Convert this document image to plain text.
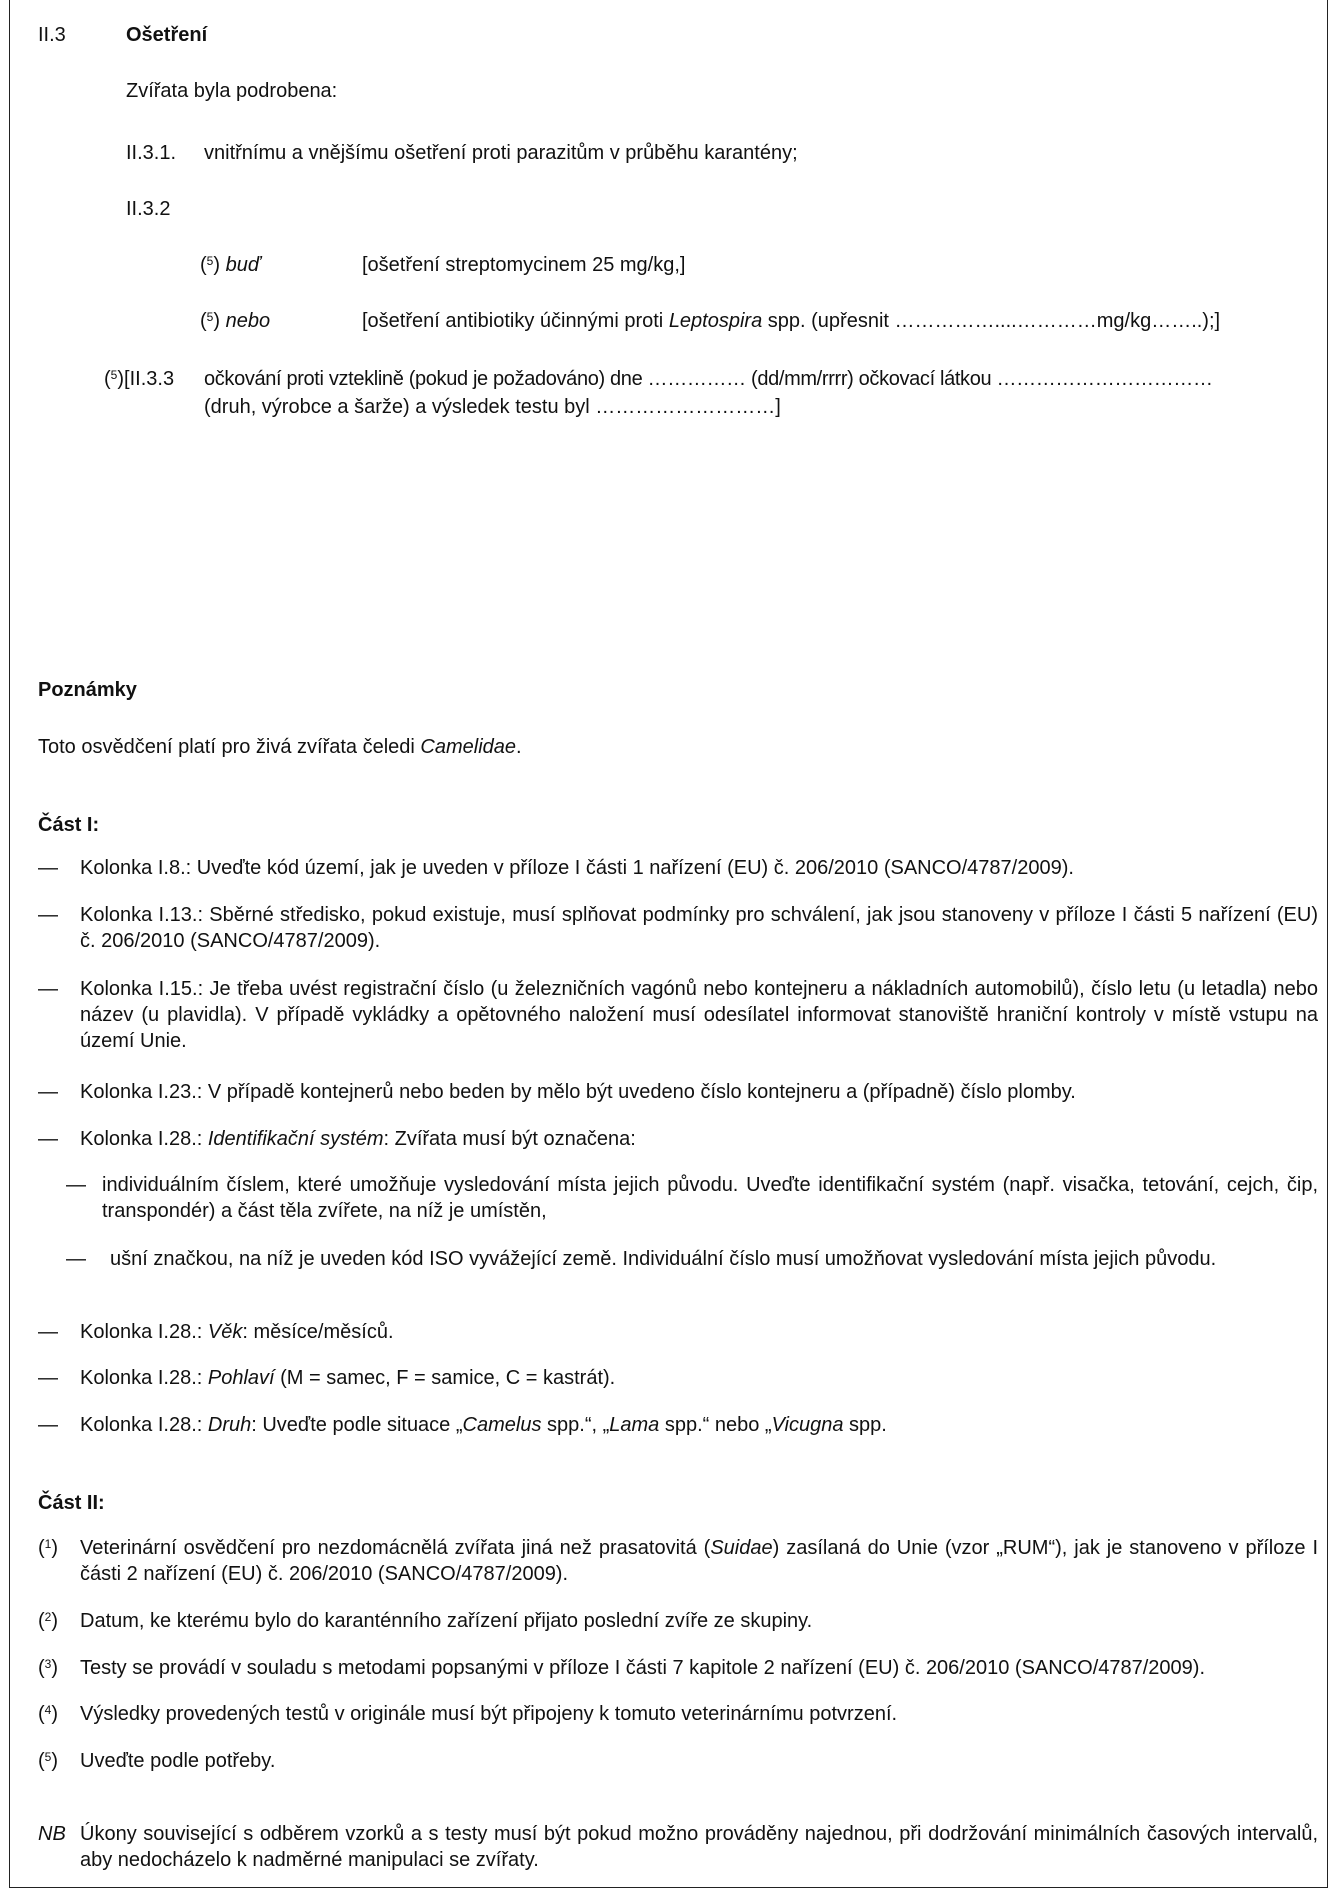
II.3	Ošetření
Zvířata byla podrobena:
II.3.1. vnitřnímu a vnějšímu ošetření proti parazitům v průběhu karantény;
II.3.2
($^5$) buď	[ošetření streptomycinem 25 mg/kg,]
($^5$) nebo	[ošetření antibiotiky účinnými proti Leptospira spp. (upřesnit ……………....…………mg/kg……..);]
($^5$)[II.3.3 očkování proti vzteklině (pokud je požadováno) dne …………… (dd/mm/rrrr) očkovací látkou ……………………………
(druh, výrobce a šarže) a výsledek testu byl ………………………]
Poznámky
Toto osvědčení platí pro živá zvířata čeledi Camelidae.
Část I:
—	Kolonka I.8.: Uveďte kód území, jak je uveden v příloze I části 1 nařízení (EU) č. 206/2010 (SANCO/4787/2009).
—	Kolonka I.13.: Sběrné středisko, pokud existuje, musí splňovat podmínky pro schválení, jak jsou stanoveny v příloze I části 5 nařízení (EU) č. 206/2010 (SANCO/4787/2009).
—	Kolonka I.15.: Je třeba uvést registrační číslo (u železničních vagónů nebo kontejneru a nákladních automobilů), číslo letu (u letadla) nebo název (u plavidla). V případě vykládky a opětovného naložení musí odesílatel informovat stanoviště hraniční kontroly v místě vstupu na území Unie.
—	Kolonka I.23.: V případě kontejnerů nebo beden by mělo být uvedeno číslo kontejneru a (případně) číslo plomby.
—	Kolonka I.28.: Identifikační systém: Zvířata musí být označena:
— individuálním číslem, které umožňuje vysledování místa jejich původu. Uveďte identifikační systém (např. visačka, tetování, cejch, čip, transpondér) a část těla zvířete, na níž je umístěn,
—	ušní značkou, na níž je uveden kód ISO vyvážející země. Individuální číslo musí umožňovat vysledování místa jejich původu.
—	Kolonka I.28.: Věk: měsíce/měsíců.
—	Kolonka I.28.: Pohlaví (M = samec, F = samice, C = kastrát).
—	Kolonka I.28.: Druh: Uveďte podle situace „Camelus spp.“, „Lama spp.“ nebo „Vicugna spp.
Část II:
($^1$) Veterinární osvědčení pro nezdomácnělá zvířata jiná než prasatovitá (Suidae) zasílaná do Unie (vzor „RUM“), jak je stanoveno v příloze I části 2 nařízení (EU) č. 206/2010 (SANCO/4787/2009).
($^2$) Datum, ke kterému bylo do karanténního zařízení přijato poslední zvíře ze skupiny.
($^3$) Testy se provádí v souladu s metodami popsanými v příloze I části 7 kapitole 2 nařízení (EU) č. 206/2010 (SANCO/4787/2009).
($^4$) Výsledky provedených testů v originále musí být připojeny k tomuto veterinárnímu potvrzení.
($^5$) Uveďte podle potřeby.
NB Úkony související s odběrem vzorků a s testy musí být pokud možno prováděny najednou, při dodržování minimálních časových intervalů, aby nedocházelo k nadměrné manipulaci se zvířaty.
